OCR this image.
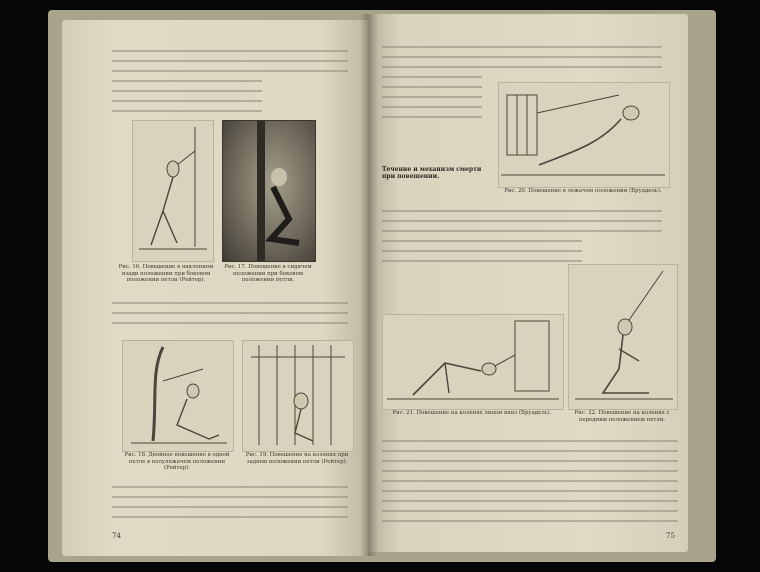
Рис. 16. Повешение в наклонном изади положении при боковом положении петли (Рейтер).
Рис. 17. Повешение в сидячем положении при боковом положении петли.
Рис. 18. Двойное повешение в одной петле в полулежачем положении (Рейтер).
Рис. 19. Повешение на коленях при заднем положении петли (Рейтер).
74
Рис. 20. Повешение в лежачем положении (Бруадель).
Течение и механизм смерти при повешении.
Рис. 21. Повешение на коленях лицом вниз (Бруадель).	Рис. 22. Повешение на коленях с передним положением петли.
75
